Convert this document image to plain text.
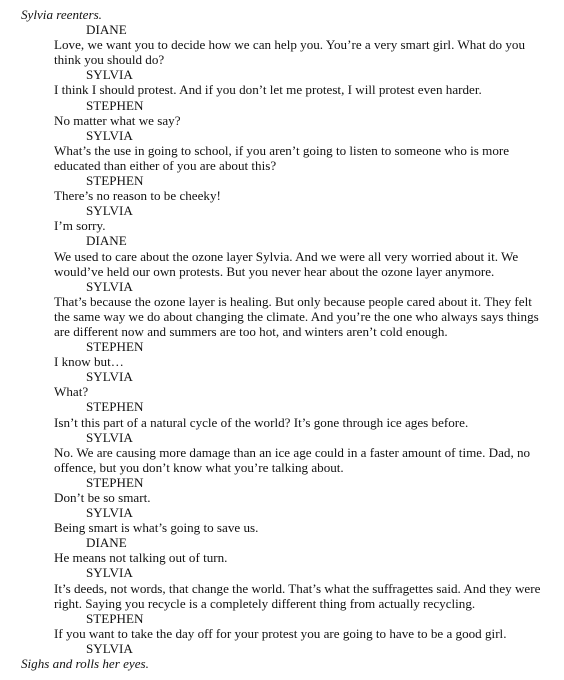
Sylvia reenters.
DIANE
Love, we want you to decide how we can help you. You’re a very smart girl. What do you think you should do?
SYLVIA
I think I should protest. And if you don’t let me protest, I will protest even harder.
STEPHEN
No matter what we say?
SYLVIA
What’s the use in going to school, if you aren’t going to listen to someone who is more educated than either of you are about this?
STEPHEN
There’s no reason to be cheeky!
SYLVIA
I’m sorry.
DIANE
We used to care about the ozone layer Sylvia. And we were all very worried about it. We would’ve held our own protests. But you never hear about the ozone layer anymore.
SYLVIA
That’s because the ozone layer is healing. But only because people cared about it. They felt the same way we do about changing the climate. And you’re the one who always says things are different now and summers are too hot, and winters aren’t cold enough.
STEPHEN
I know but…
SYLVIA
What?
STEPHEN
Isn’t this part of a natural cycle of the world? It’s gone through ice ages before.
SYLVIA
No. We are causing more damage than an ice age could in a faster amount of time. Dad, no offence, but you don’t know what you’re talking about.
STEPHEN
Don’t be so smart.
SYLVIA
Being smart is what’s going to save us.
DIANE
He means not talking out of turn.
SYLVIA
It’s deeds, not words, that change the world. That’s what the suffragettes said. And they were right. Saying you recycle is a completely different thing from actually recycling.
STEPHEN
If you want to take the day off for your protest you are going to have to be a good girl.
SYLVIA
Sighs and rolls her eyes.
